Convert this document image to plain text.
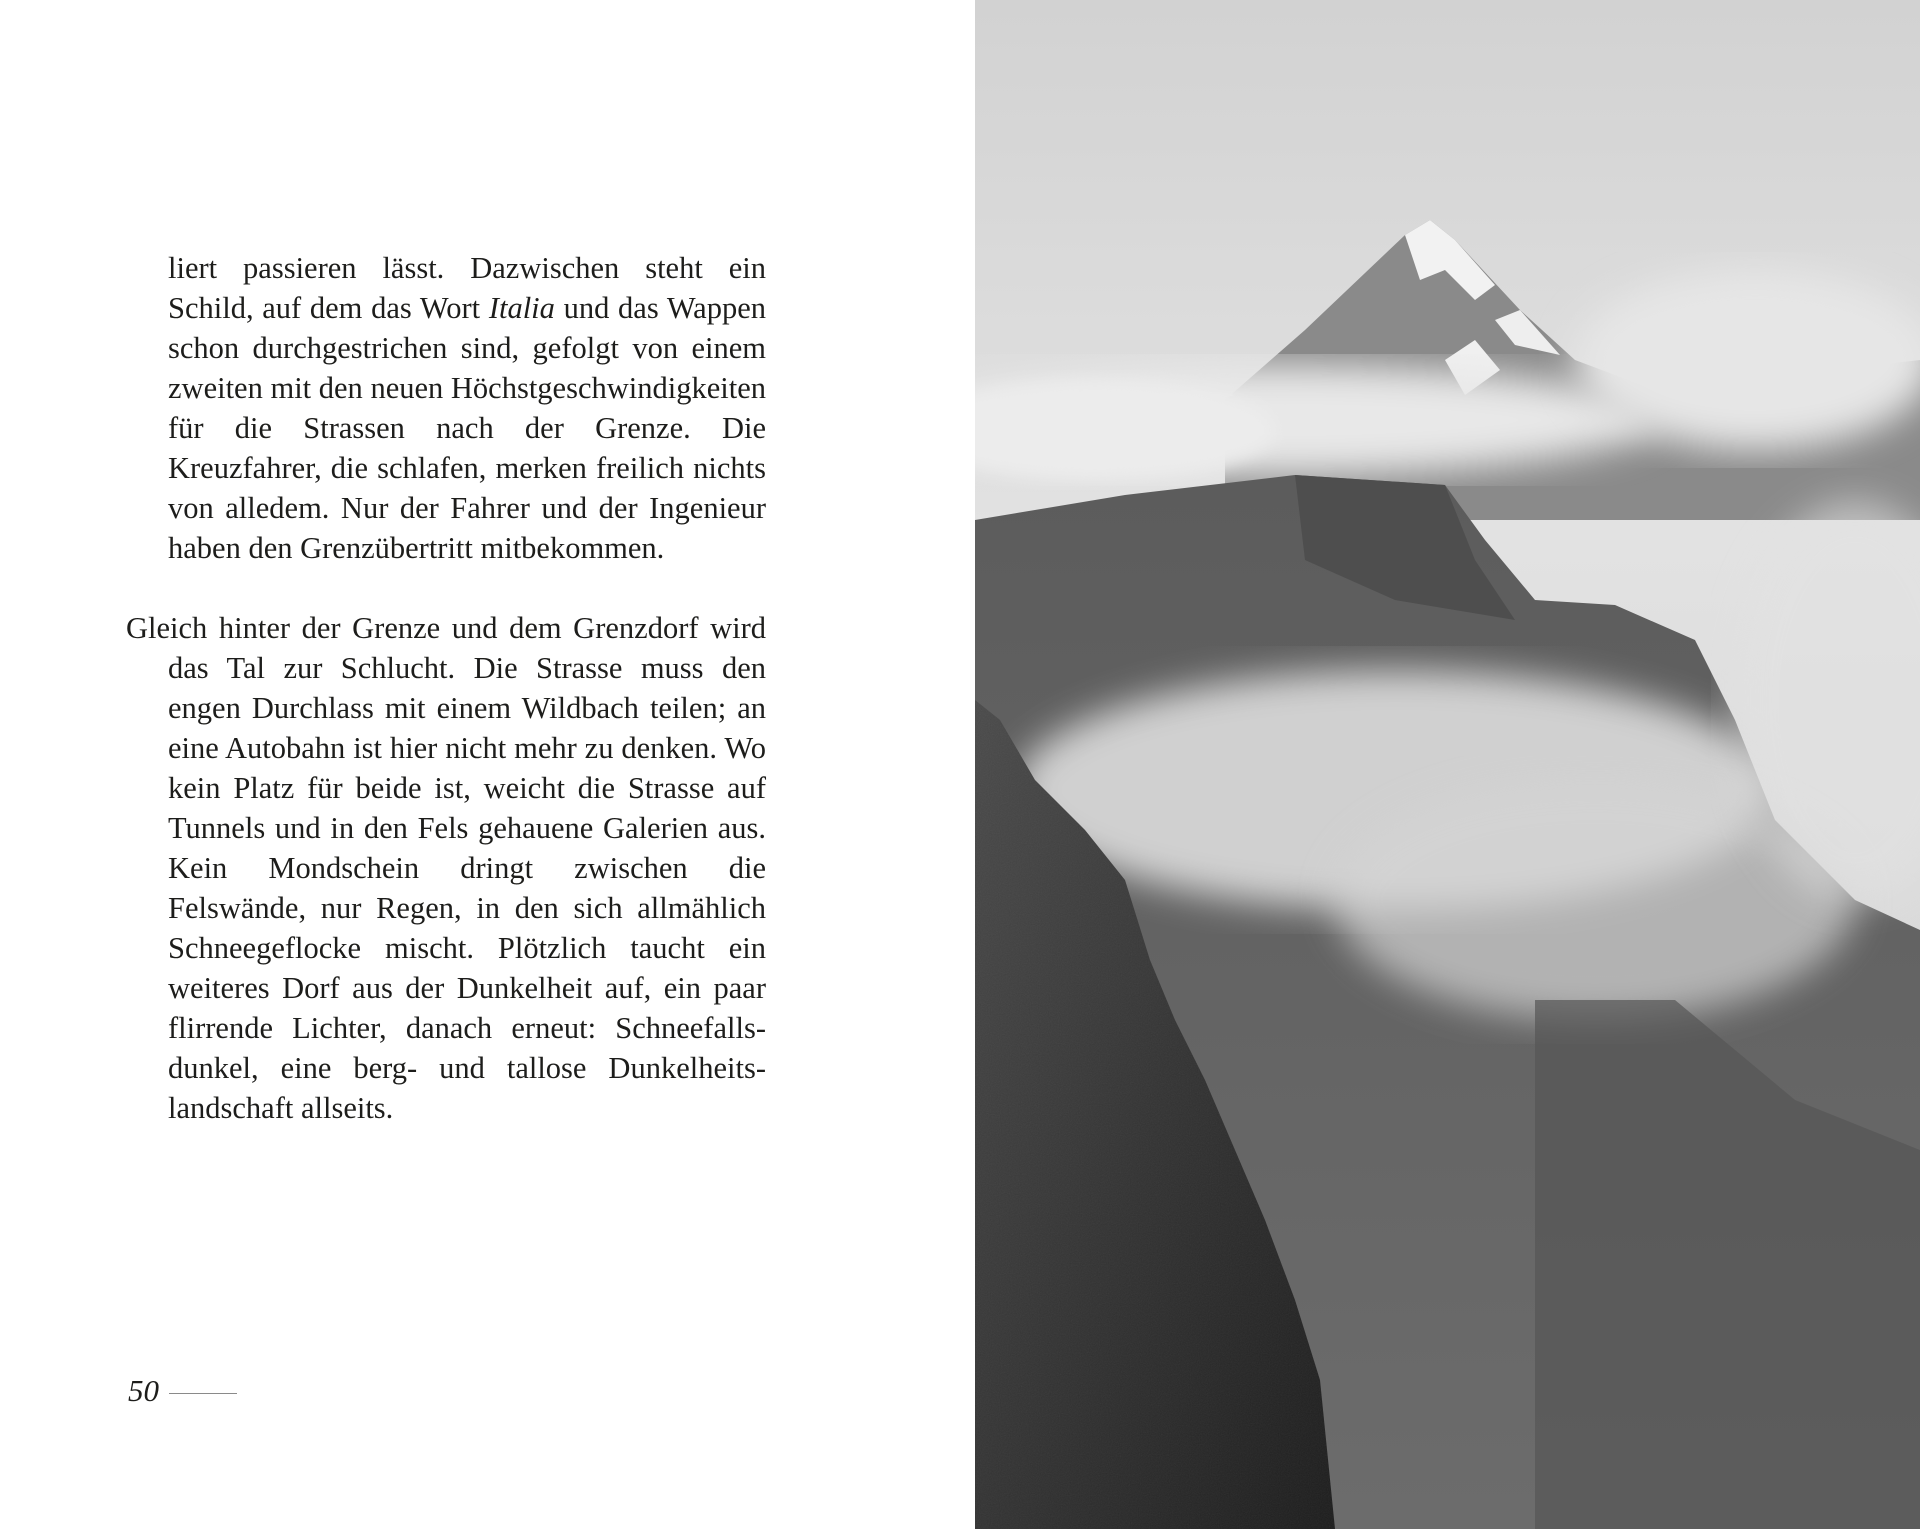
liert passieren lässt. Dazwischen steht ein Schild, auf dem das Wort Italia und das Wappen schon durchgestrichen sind, gefolgt von einem zweiten mit den neuen Höchstgeschwindigkeiten für die Strassen nach der Grenze. Die Kreuzfahrer, die schlafen, merken freilich nichts von alledem. Nur der Fahrer und der Ingenieur haben den Grenzübertritt mitbekommen.

Gleich hinter der Grenze und dem Grenzdorf wird das Tal zur Schlucht. Die Strasse muss den engen Durchlass mit einem Wildbach teilen; an eine Autobahn ist hier nicht mehr zu denken. Wo kein Platz für beide ist, weicht die Strasse auf Tunnels und in den Fels gehauene Galerien aus. Kein Mondschein dringt zwischen die Felswände, nur Regen, in den sich allmählich Schneegeflocke mischt. Plötzlich taucht ein weiteres Dorf aus der Dunkelheit auf, ein paar flirrende Lichter, danach erneut: Schneefallsdunkel, eine berg- und tallose Dunkelheitslandschaft allseits.

50
